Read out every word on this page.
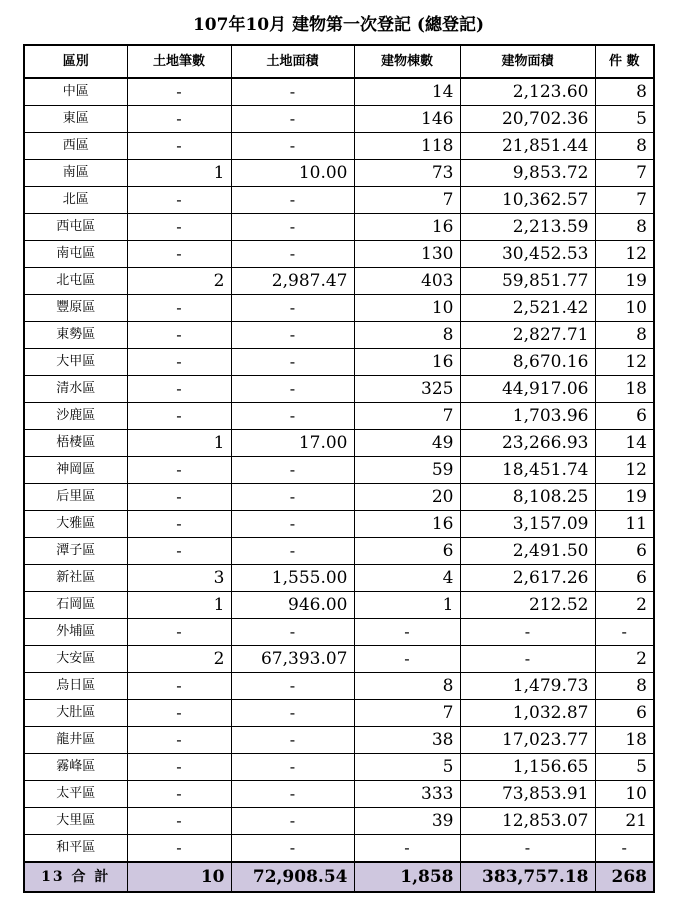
107年10月 建物第一次登記 (總登記)
區別	土地筆數	土地面積	建物棟數	建物面積	件 數
中區	-	-	14	2,123.60	8
東區	-	-	146	20,702.36	5
西區	-	-	118	21,851.44	8
南區	1	10.00	73	9,853.72	7
北區	-	-	7	10,362.57	7
西屯區	-	-	16	2,213.59	8
南屯區	-	-	130	30,452.53	12
北屯區	2	2,987.47	403	59,851.77	19
豐原區	-	-	10	2,521.42	10
東勢區	-	-	8	2,827.71	8
大甲區	-	-	16	8,670.16	12
清水區	-	-	325	44,917.06	18
沙鹿區	-	-	7	1,703.96	6
梧棲區	1	17.00	49	23,266.93	14
神岡區	-	-	59	18,451.74	12
后里區	-	-	20	8,108.25	19
大雅區	-	-	16	3,157.09	11
潭子區	-	-	6	2,491.50	6
新社區	3	1,555.00	4	2,617.26	6
石岡區	1	946.00	1	212.52	2
外埔區	-	-	-	-	-
大安區	2	67,393.07	-	-	2
烏日區	-	-	8	1,479.73	8
大肚區	-	-	7	1,032.87	6
龍井區	-	-	38	17,023.77	18
霧峰區	-	-	5	1,156.65	5
太平區	-	-	333	73,853.91	10
大里區	-	-	39	12,853.07	21
和平區	-	-	-	-	-
13 合 計	10	72,908.54	1,858	383,757.18	268
